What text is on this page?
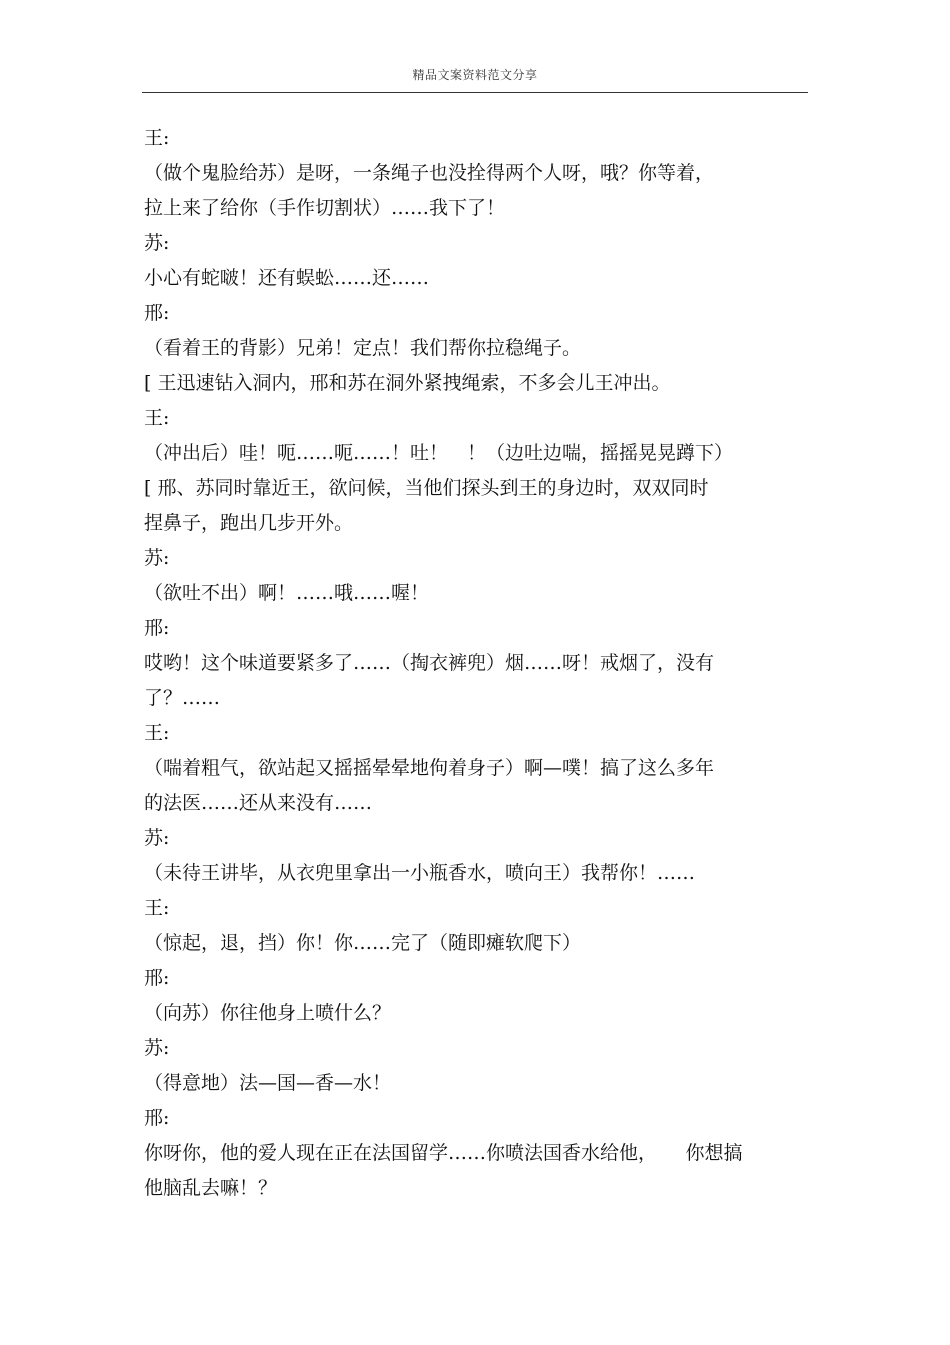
精品文案资料范文分享

王:

（做个鬼脸给苏）是呀，一条绳子也没拴得两个人呀，哦？你等着，

拉上来了给你（手作切割状）……我下了！

苏:

小心有蛇啵！还有蜈蚣……还……

邢:

（看着王的背影）兄弟！定点！我们帮你拉稳绳子。

[ 王迅速钻入洞内，邢和苏在洞外紧拽绳索，不多会儿王冲出。

王:

（冲出后）哇！呃……呃……！吐！　！（边吐边喘，摇摇晃晃蹲下）

[ 邢、苏同时靠近王，欲问候，当他们探头到王的身边时，双双同时

捏鼻子，跑出几步开外。

苏:

（欲吐不出）啊！……哦……喔！

邢:

哎哟！这个味道要紧多了……（掏衣裤兜）烟……呀！戒烟了，没有

了？……

王:

（喘着粗气，欲站起又摇摇晕晕地佝着身子）啊—噗！搞了这么多年

的法医……还从来没有……

苏:

（未待王讲毕，从衣兜里拿出一小瓶香水，喷向王）我帮你！……

王:

（惊起，退，挡）你！你……完了（随即瘫软爬下）

邢:

（向苏）你往他身上喷什么？

苏:

（得意地）法—国—香—水！

邢:

你呀你，他的爱人现在正在法国留学……你喷法国香水给他，　　你想搞

他脑乱去嘛！？
